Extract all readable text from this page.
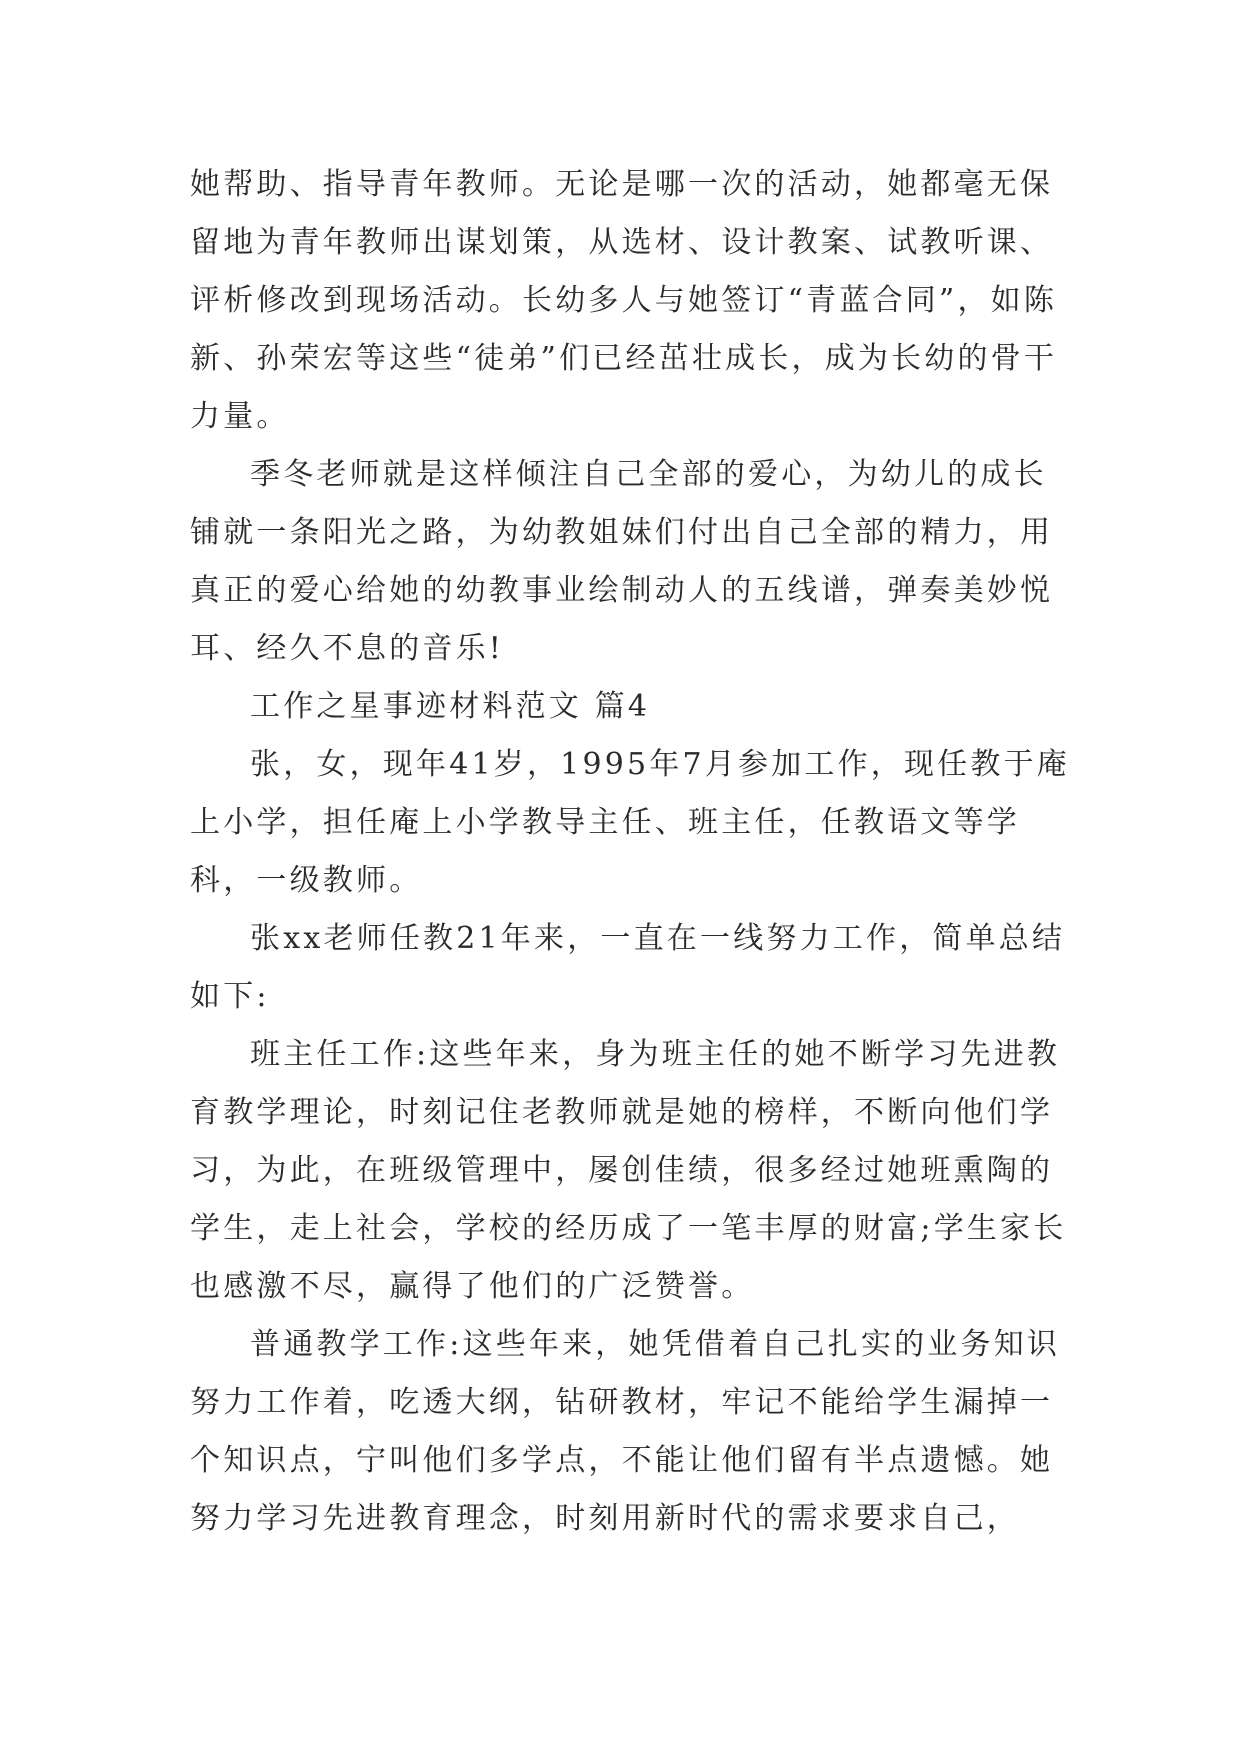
她帮助、指导青年教师。无论是哪一次的活动，她都毫无保留地为青年教师出谋划策，从选材、设计教案、试教听课、评析修改到现场活动。长幼多人与她签订“青蓝合同”，如陈新、孙荣宏等这些“徒弟”们已经茁壮成长，成为长幼的骨干力量。

季冬老师就是这样倾注自己全部的爱心，为幼儿的成长铺就一条阳光之路，为幼教姐妹们付出自己全部的精力，用真正的爱心给她的幼教事业绘制动人的五线谱，弹奏美妙悦耳、经久不息的音乐!

工作之星事迹材料范文 篇4

张，女，现年41岁，1995年7月参加工作，现任教于庵上小学，担任庵上小学教导主任、班主任，任教语文等学科，一级教师。

张xx老师任教21年来，一直在一线努力工作，简单总结如下:

班主任工作:这些年来，身为班主任的她不断学习先进教育教学理论，时刻记住老教师就是她的榜样，不断向他们学习，为此，在班级管理中，屡创佳绩，很多经过她班熏陶的学生，走上社会，学校的经历成了一笔丰厚的财富;学生家长也感激不尽，赢得了他们的广泛赞誉。

普通教学工作:这些年来，她凭借着自己扎实的业务知识努力工作着，吃透大纲，钻研教材，牢记不能给学生漏掉一个知识点，宁叫他们多学点，不能让他们留有半点遗憾。她努力学习先进教育理念，时刻用新时代的需求要求自己，
